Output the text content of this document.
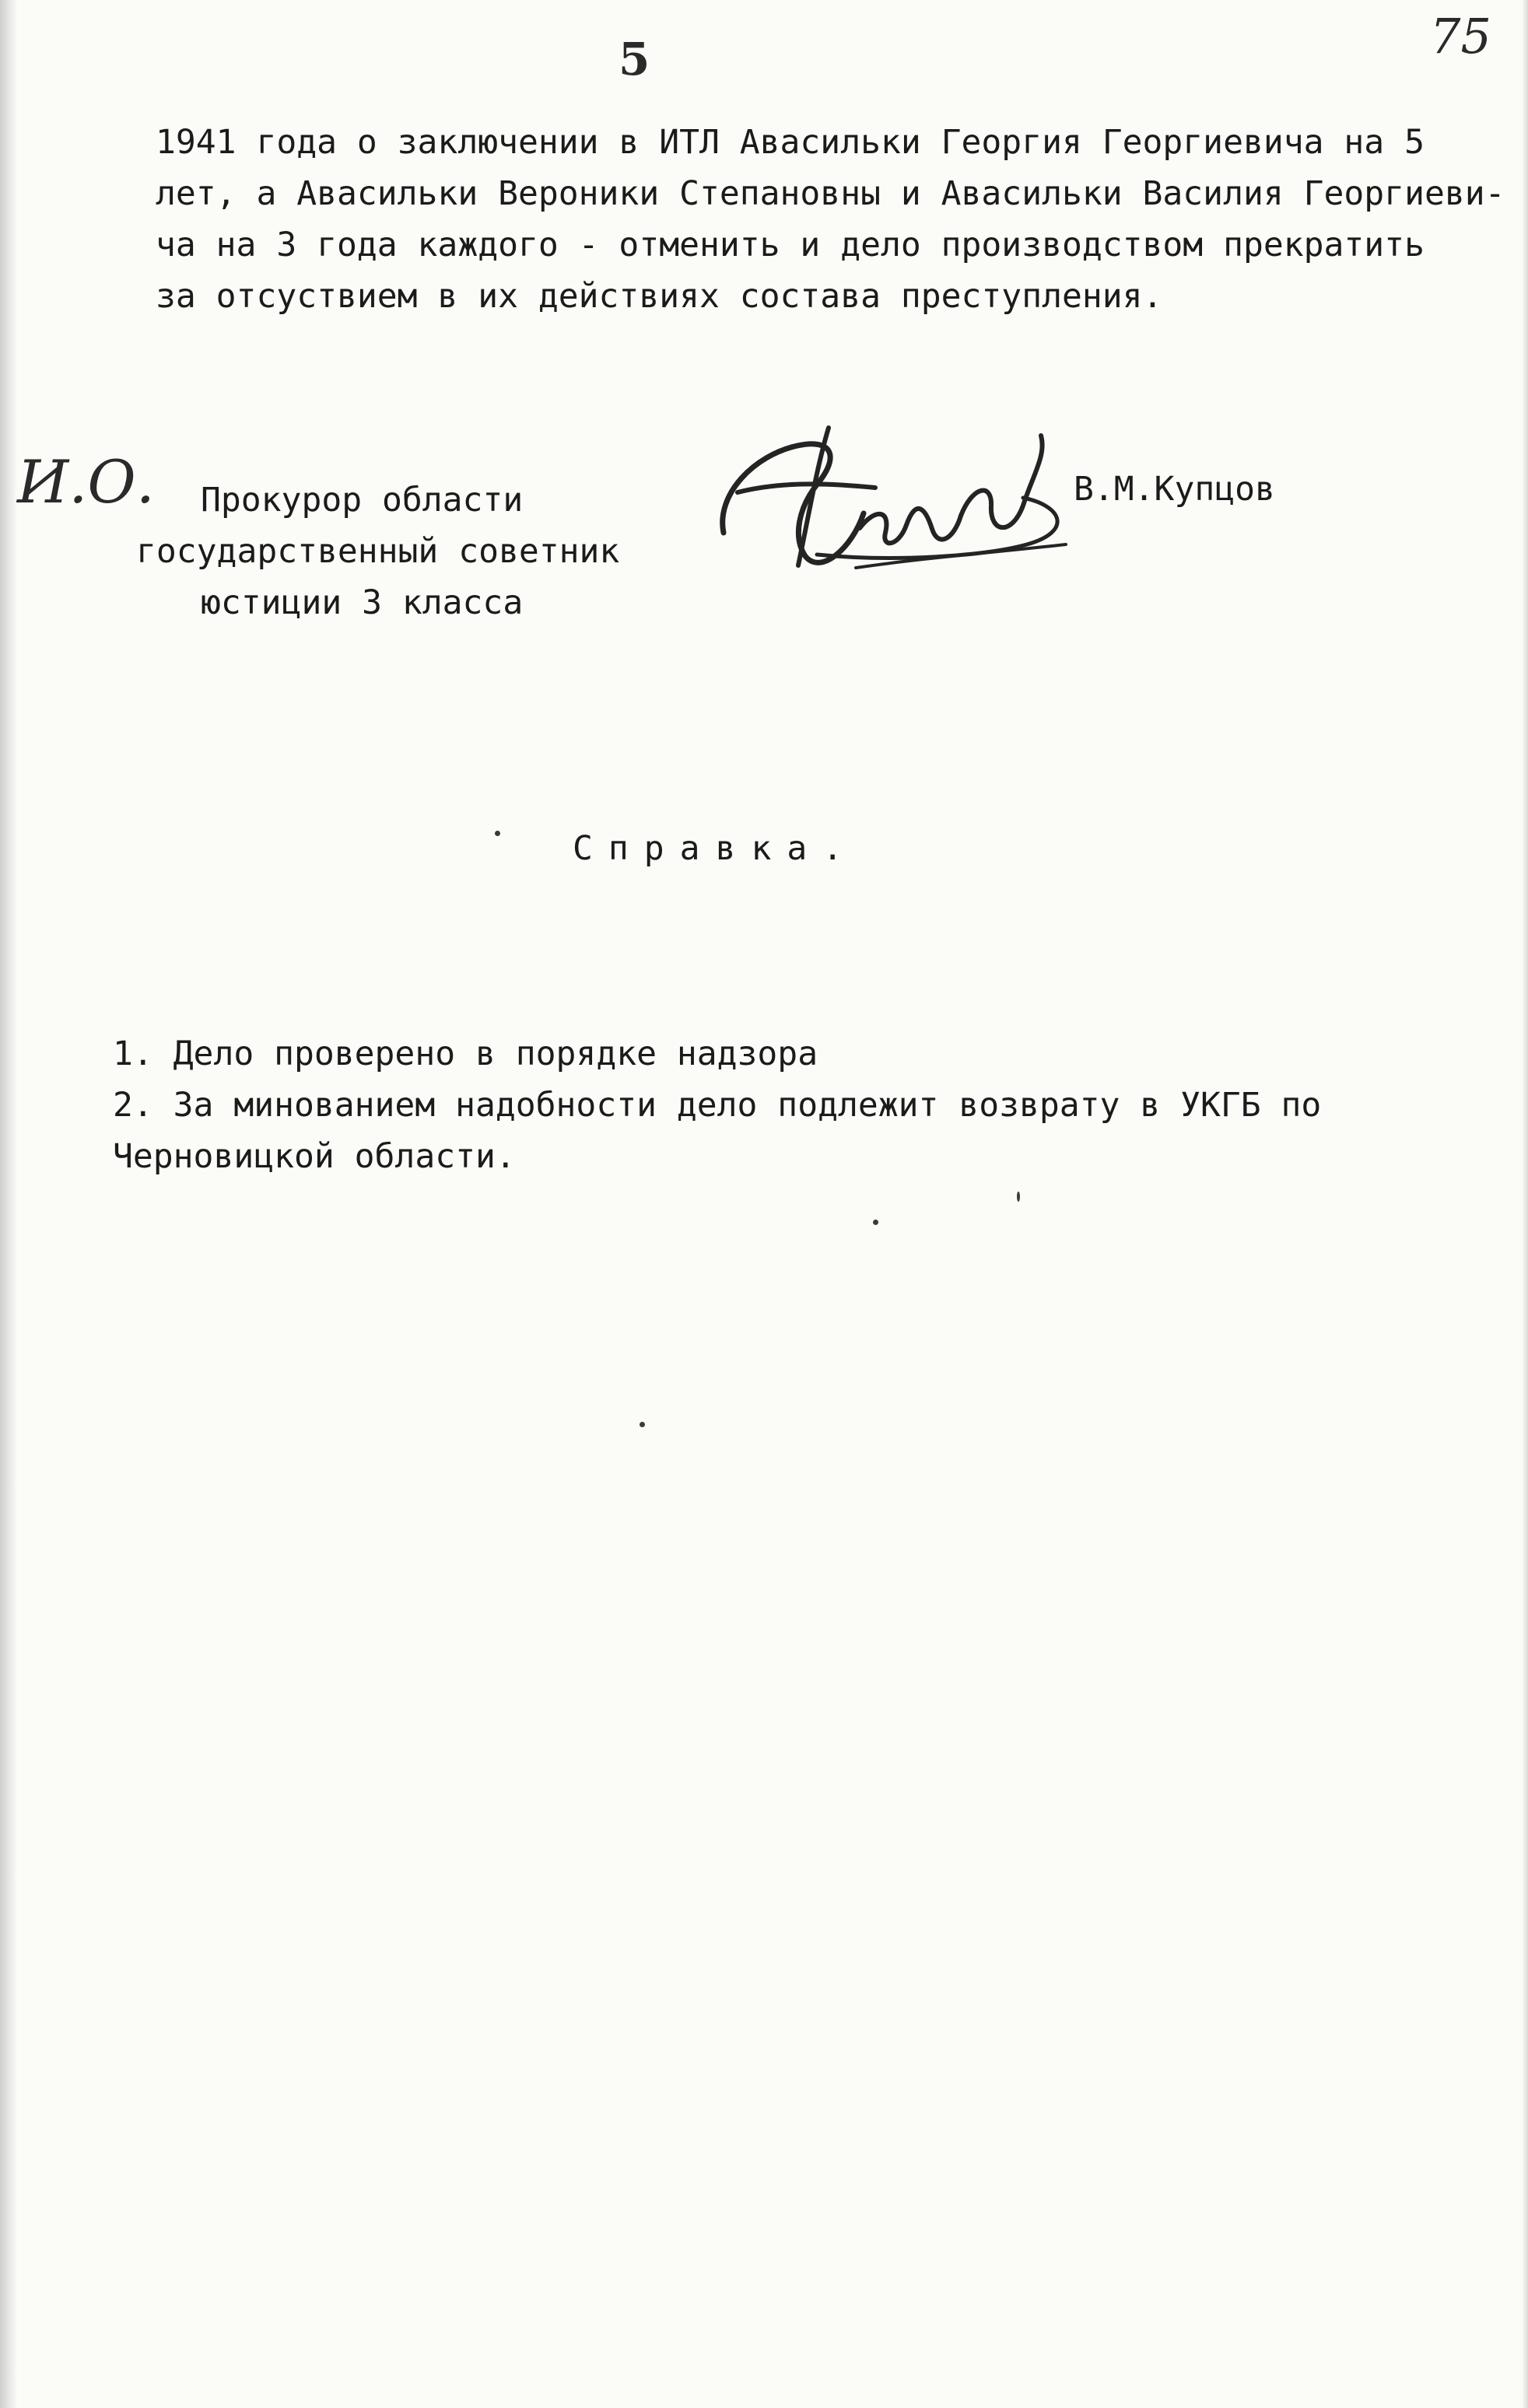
5	75
1941 года о заключении в ИТЛ Авасильки Георгия Георгиевича на 5
лет, а Авасильки Вероники Степановны и Авасильки Василия Георгиеви-
ча на 3 года каждого - отменить и дело производством прекратить
за отсуствием в их действиях состава преступления.
И.О. Прокурор области
государственный советник
юстиции 3 класса
В.М.Купцов
Справка.
1. Дело проверено в порядке надзора
2. За минованием надобности дело подлежит возврату в УКГБ по
Черновицкой области.
